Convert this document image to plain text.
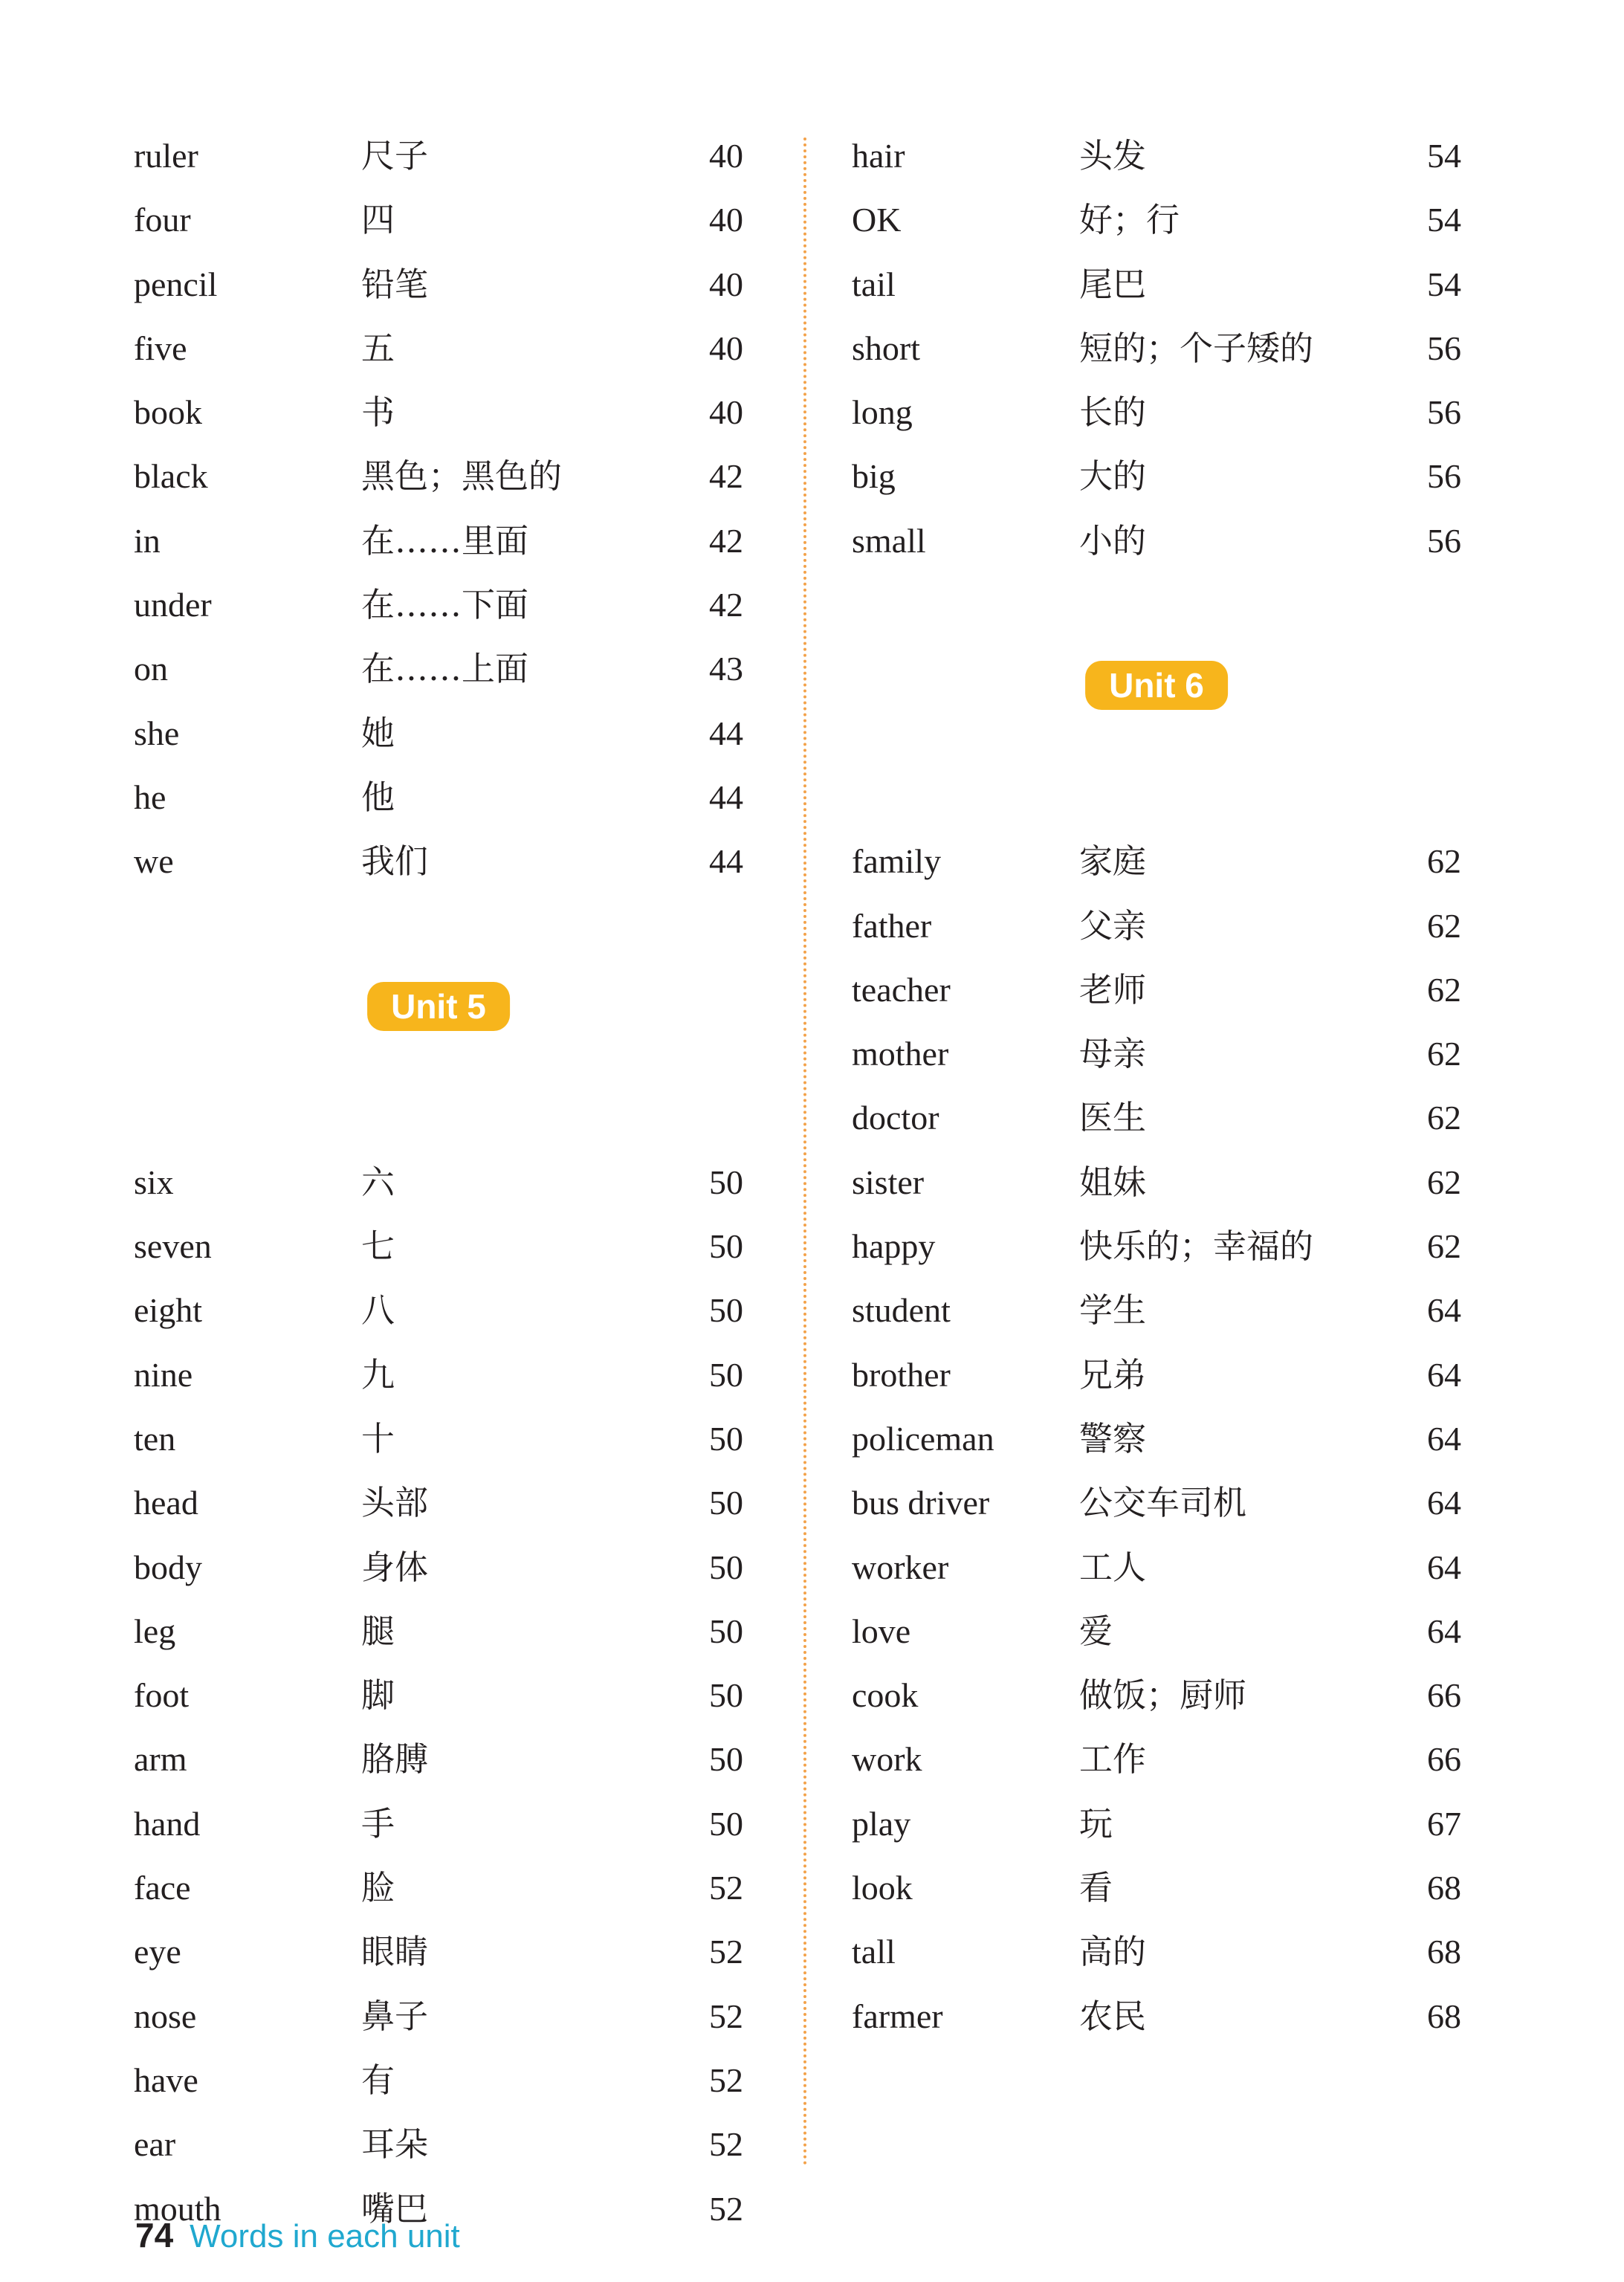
ruler	尺子	40
four	四	40
pencil	铅笔	40
five	五	40
book	书	40
black	黑色；黑色的	42
in	在……里面	42
under	在……下面	42
on	在……上面	43
she	她	44
he	他	44
we	我们	44
Unit 5
six	六	50
seven	七	50
eight	八	50
nine	九	50
ten	十	50
head	头部	50
body	身体	50
leg	腿	50
foot	脚	50
arm	胳膊	50
hand	手	50
face	脸	52
eye	眼睛	52
nose	鼻子	52
have	有	52
ear	耳朵	52
mouth	嘴巴	52
hair	头发	54
OK	好；行	54
tail	尾巴	54
short	短的；个子矮的	56
long	长的	56
big	大的	56
small	小的	56
Unit 6
family	家庭	62
father	父亲	62
teacher	老师	62
mother	母亲	62
doctor	医生	62
sister	姐妹	62
happy	快乐的；幸福的	62
student	学生	64
brother	兄弟	64
policeman	警察	64
bus driver	公交车司机	64
worker	工人	64
love	爱	64
cook	做饭；厨师	66
work	工作	66
play	玩	67
look	看	68
tall	高的	68
farmer	农民	68
74 Words in each unit
